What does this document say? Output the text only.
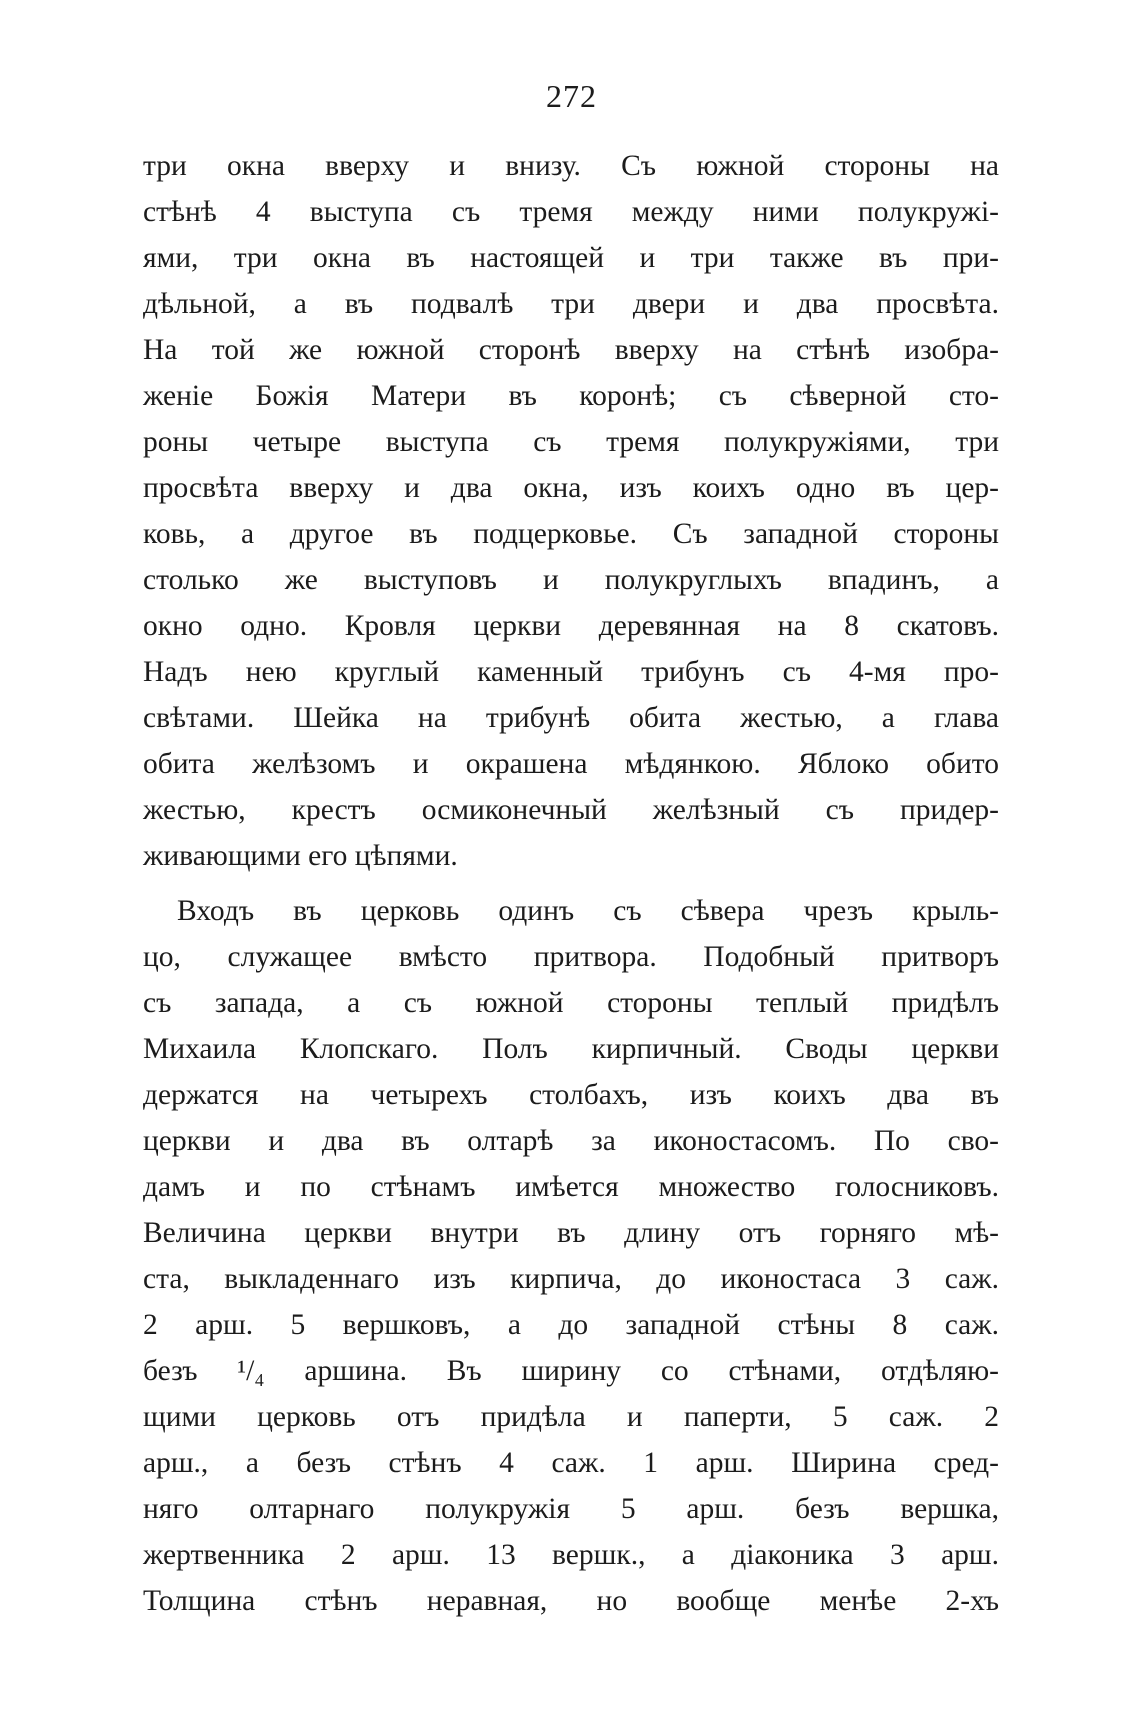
272
три окна вверху и внизу. Съ южной стороны на
стѣнѣ 4 выступа съ тремя между ними полукружі-
ями, три окна въ настоящей и три также въ при-
дѣльной, а въ подвалѣ три двери и два просвѣта.
На той же южной сторонѣ вверху на стѣнѣ изобра-
женіе Божія Матери въ коронѣ; съ сѣверной сто-
роны четыре выступа съ тремя полукружіями, три
просвѣта вверху и два окна, изъ коихъ одно въ цер-
ковь, а другое въ подцерковье. Съ западной стороны
столько же выступовъ и полукруглыхъ впадинъ, а
окно одно. Кровля церкви деревянная на 8 скатовъ.
Надъ нею круглый каменный трибунъ съ 4-мя про-
свѣтами. Шейка на трибунѣ обита жестью, а глава
обита желѣзомъ и окрашена мѣдянкою. Яблоко обито
жестью, крестъ осмиконечный желѣзный съ придер-
живающими его цѣпями.
Входъ въ церковь одинъ съ сѣвера чрезъ крыль-
цо, служащее вмѣсто притвора. Подобный притворъ
съ запада, а съ южной стороны теплый придѣлъ
Михаила Клопскаго. Полъ кирпичный. Своды церкви
держатся на четырехъ столбахъ, изъ коихъ два въ
церкви и два въ олтарѣ за иконостасомъ. По сво-
дамъ и по стѣнамъ имѣется множество голосниковъ.
Величина церкви внутри въ длину отъ горняго мѣ-
ста, выкладеннаго изъ кирпича, до иконостаса 3 саж.
2 арш. 5 вершковъ, а до западной стѣны 8 саж.
безъ ¹/₄ аршина. Въ ширину со стѣнами, отдѣляю-
щими церковь отъ придѣла и паперти, 5 саж. 2
арш., а безъ стѣнъ 4 саж. 1 арш. Ширина сред-
няго олтарнаго полукружія 5 арш. безъ вершка,
жертвенника 2 арш. 13 вершк., а діаконика 3 арш.
Толщина стѣнъ неравная, но вообще менѣе 2-хъ
